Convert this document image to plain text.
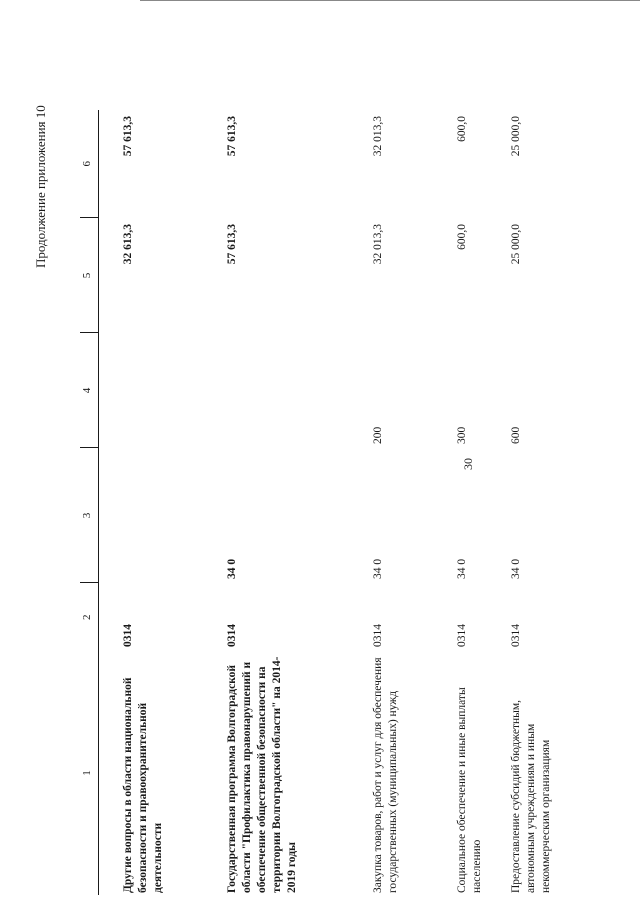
30
Продолжение приложения 10
1	2	3	4	5	6
Другие вопросы в области национальной безопасности и правоохранительной деятельности	0314			32 613,3	57 613,3
Государственная программа Волгоградской области "Профилактика правонарушений и обеспечение общественной безопасности на территории Волгоградской области" на 2014-2019 годы	0314	34 0		57 613,3	57 613,3
Закупка товаров, работ и услуг для обеспечения государственных (муниципальных) нужд	0314	34 0	200	32 013,3	32 013,3
Социальное обеспечение и иные выплаты населению	0314	34 0	300	600,0	600,0
Предоставление субсидий бюджетным, автономным учреждениям и иным некоммерческим организациям	0314	34 0	600	25 000,0	25 000,0
